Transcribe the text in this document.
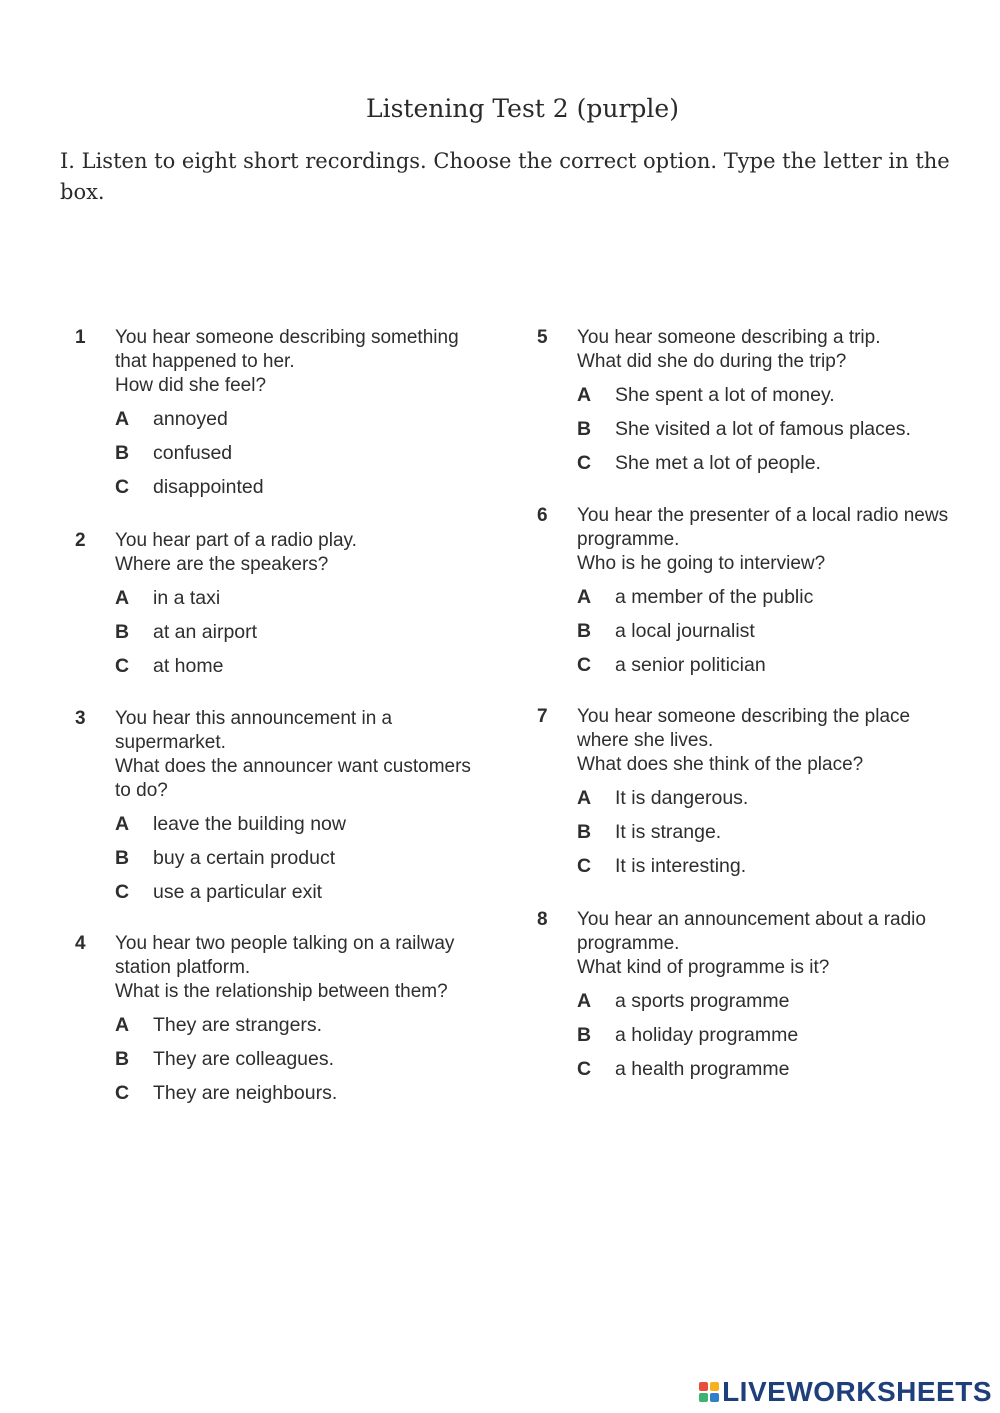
Listening Test 2 (purple)
I. Listen to eight short recordings. Choose the correct option. Type the letter in the box.
1 You hear someone describing something
that happened to her.
How did she feel?
A	annoyed
B	confused
C	disappointed
2 You hear part of a radio play.
Where are the speakers?
A	in a taxi
B	at an airport
C	at home
3 You hear this announcement in a
supermarket.
What does the announcer want customers
to do?
A	leave the building now
B	buy a certain product
C	use a particular exit
4 You hear two people talking on a railway
station platform.
What is the relationship between them?
A	They are strangers.
B	They are colleagues.
C	They are neighbours.
5 You hear someone describing a trip.
What did she do during the trip?
A	She spent a lot of money.
B	She visited a lot of famous places.
C	She met a lot of people.
6 You hear the presenter of a local radio news
programme.
Who is he going to interview?
A	a member of the public
B	a local journalist
C	a senior politician
7 You hear someone describing the place
where she lives.
What does she think of the place?
A	It is dangerous.
B	It is strange.
C	It is interesting.
8 You hear an announcement about a radio
programme.
What kind of programme is it?
A	a sports programme
B	a holiday programme
C	a health programme
LIVEWORKSHEETS
